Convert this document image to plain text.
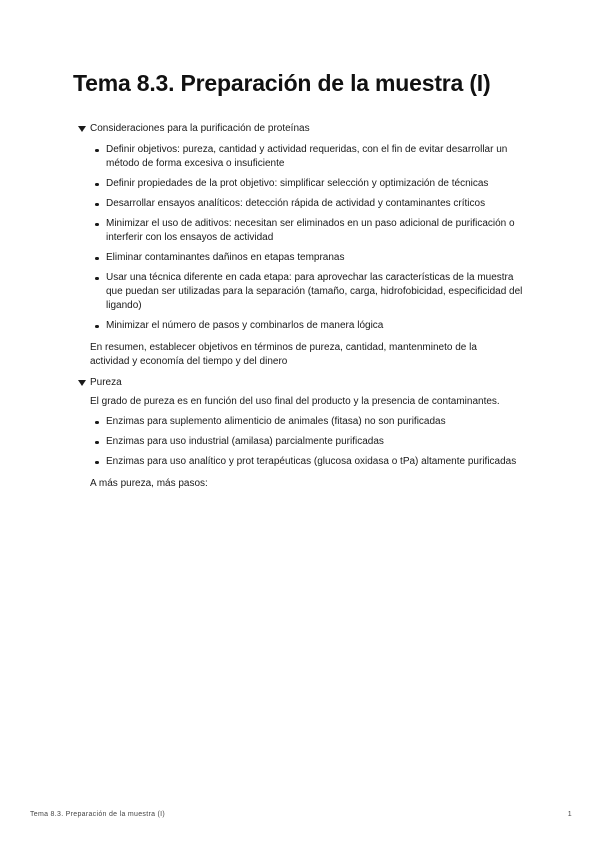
Tema 8.3. Preparación de la muestra (I)
Consideraciones para la purificación de proteínas
Definir objetivos: pureza, cantidad y actividad requeridas, con el fin de evitar desarrollar un método de forma excesiva o insuficiente
Definir propiedades de la prot objetivo: simplificar selección y optimización de técnicas
Desarrollar ensayos analíticos: detección rápida de actividad y contaminantes críticos
Minimizar el uso de aditivos: necesitan ser eliminados en un paso adicional de purificación o interferir con los ensayos de actividad
Eliminar contaminantes dañinos en etapas tempranas
Usar una técnica diferente en cada etapa: para aprovechar las características de la muestra que puedan ser utilizadas para la separación (tamaño, carga, hidrofobicidad, especificidad del ligando)
Minimizar el número de pasos y combinarlos de manera lógica

En resumen, establecer objetivos en términos de pureza, cantidad, mantenmineto de la actividad y economía del tiempo y del dinero

Pureza

El grado de pureza es en función del uso final del producto y la presencia de contaminantes.

Enzimas para suplemento alimenticio de animales (fitasa) no son purificadas
Enzimas para uso industrial (amilasa) parcialmente purificadas
Enzimas para uso analítico y prot terapéuticas (glucosa oxidasa o tPa) altamente purificadas

A más pureza, más pasos:

Tema 8.3. Preparación de la muestra (I)	1
